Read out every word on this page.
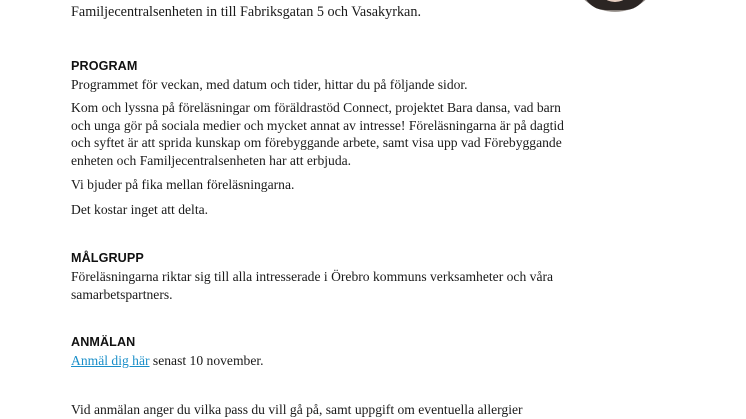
Familjecentralsenheten in till Fabriksgatan 5 och Vasakyrkan.
PROGRAM

Programmet för veckan, med datum och tider, hittar du på följande sidor.

Kom och lyssna på föreläsningar om föräldrastöd Connect, projektet Bara dansa, vad barn och unga gör på sociala medier och mycket annat av intresse! Föreläsningarna är på dagtid och syftet är att sprida kunskap om förebyggande arbete, samt visa upp vad Förebyggande enheten och Familjecentralsenheten har att erbjuda.

Vi bjuder på fika mellan föreläsningarna.

Det kostar inget att delta.

MÅLGRUPP

Föreläsningarna riktar sig till alla intresserade i Örebro kommuns verksamheter och våra samarbetspartners.

ANMÄLAN

Anmäl dig här senast 10 november.

Vid anmälan anger du vilka pass du vill gå på, samt uppgift om eventuella allergier
